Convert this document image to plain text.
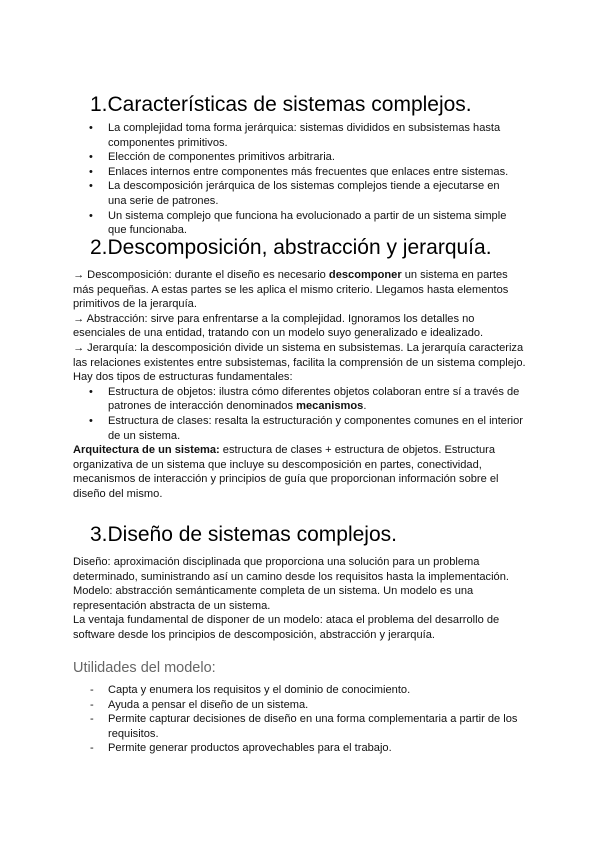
1.Características de sistemas complejos.
• La complejidad toma forma jerárquica: sistemas divididos en subsistemas hasta componentes primitivos.
• Elección de componentes primitivos arbitraria.
• Enlaces internos entre componentes más frecuentes que enlaces entre sistemas.
• La descomposición jerárquica de los sistemas complejos tiende a ejecutarse en una serie de patrones.
• Un sistema complejo que funciona ha evolucionado a partir de un sistema simple que funcionaba.
2.Descomposición, abstracción y jerarquía.

→ Descomposición: durante el diseño es necesario descomponer un sistema en partes más pequeñas. A estas partes se les aplica el mismo criterio. Llegamos hasta elementos primitivos de la jerarquía.

→ Abstracción: sirve para enfrentarse a la complejidad. Ignoramos los detalles no esenciales de una entidad, tratando con un modelo suyo generalizado e idealizado.

→ Jerarquía: la descomposición divide un sistema en subsistemas. La jerarquía caracteriza las relaciones existentes entre subsistemas, facilita la comprensión de un sistema complejo.

Hay dos tipos de estructuras fundamentales:

• Estructura de objetos: ilustra cómo diferentes objetos colaboran entre sí a través de patrones de interacción denominados mecanismos.
• Estructura de clases: resalta la estructuración y componentes comunes en el interior de un sistema.

Arquitectura de un sistema: estructura de clases + estructura de objetos. Estructura organizativa de un sistema que incluye su descomposición en partes, conectividad, mecanismos de interacción y principios de guía que proporcionan información sobre el diseño del mismo.

3.Diseño de sistemas complejos.

Diseño: aproximación disciplinada que proporciona una solución para un problema determinado, suministrando así un camino desde los requisitos hasta la implementación.

Modelo: abstracción semánticamente completa de un sistema. Un modelo es una representación abstracta de un sistema.

La ventaja fundamental de disponer de un modelo: ataca el problema del desarrollo de software desde los principios de descomposición, abstracción y jerarquía.

Utilidades del modelo:
- Capta y enumera los requisitos y el dominio de conocimiento.
- Ayuda a pensar el diseño de un sistema.
- Permite capturar decisiones de diseño en una forma complementaria a partir de los requisitos.
- Permite generar productos aprovechables para el trabajo.
